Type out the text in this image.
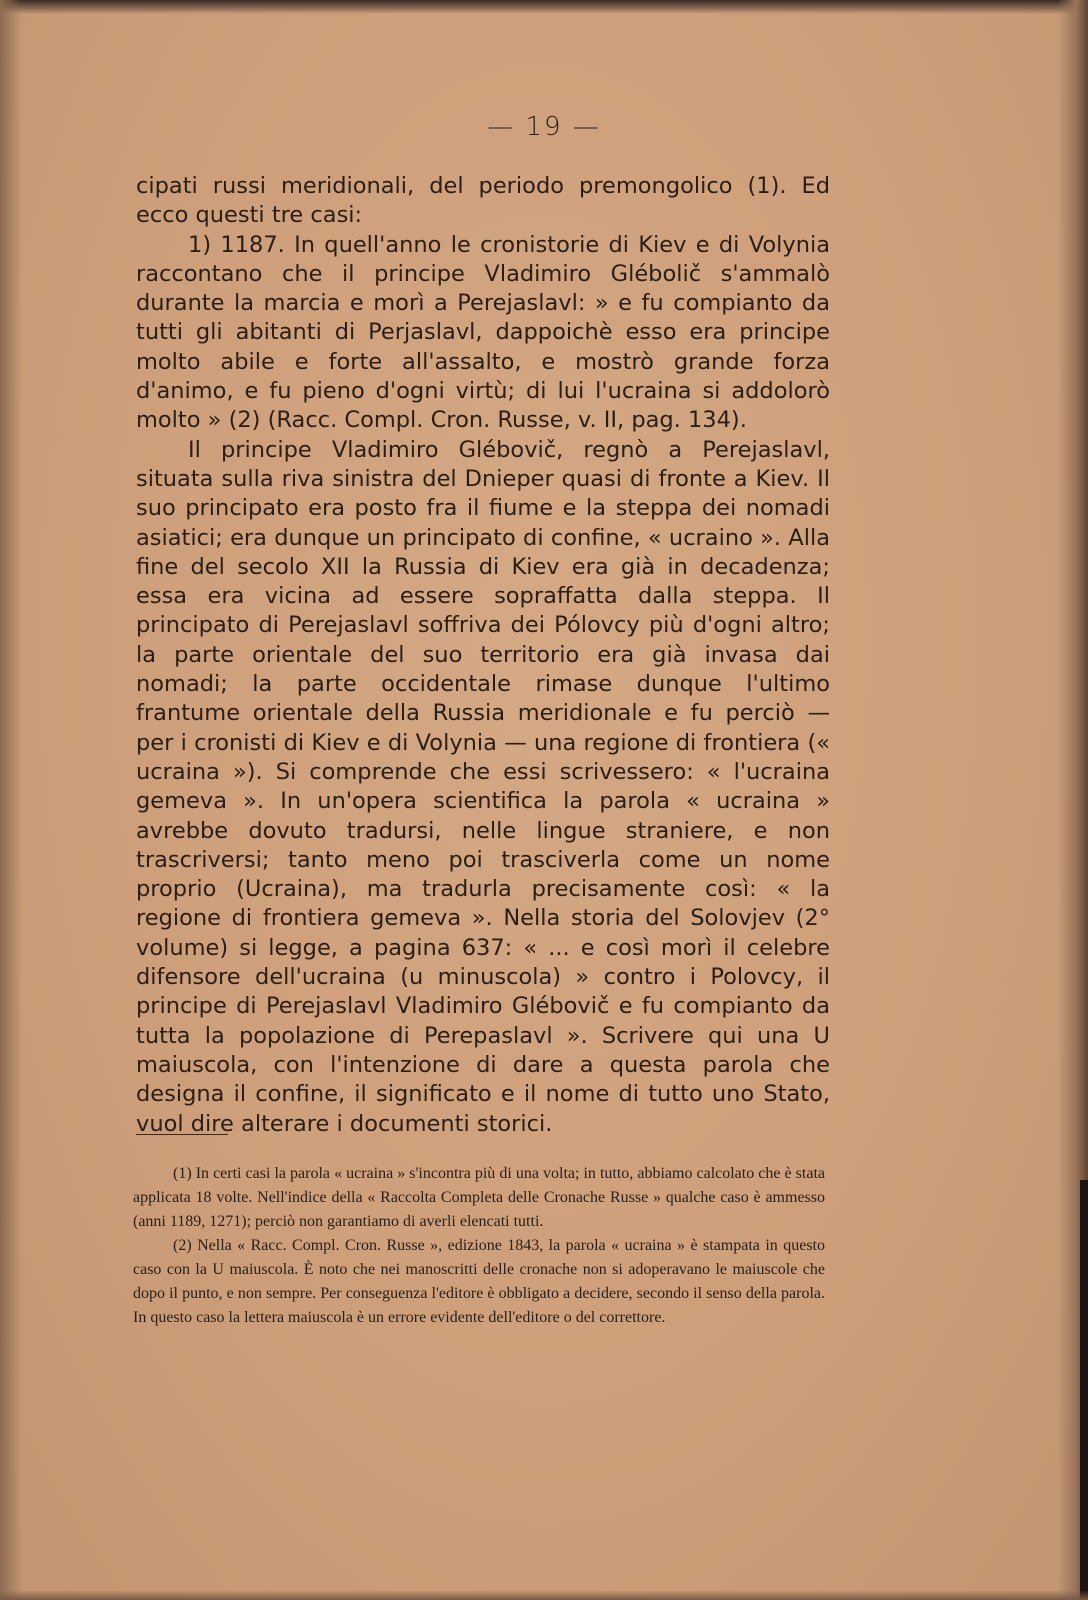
— 19 —

cipati russi meridionali, del periodo premongolico (1). Ed ecco questi tre casi:

1) 1187. In quell'anno le cronistorie di Kiev e di Volynia raccontano che il principe Vladimiro Glébolič s'ammalò durante la marcia e morì a Perejaslavl: » e fu compianto da tutti gli abitanti di Perjaslavl, dappoichè esso era principe molto abile e forte all'assalto, e mostrò grande forza d'animo, e fu pieno d'ogni virtù; di lui l'ucraina si addolorò molto » (2) (Racc. Compl. Cron. Russe, v. II, pag. 134).

Il principe Vladimiro Glébovič, regnò a Perejaslavl, situata sulla riva sinistra del Dnieper quasi di fronte a Kiev. Il suo principato era posto fra il fiume e la steppa dei nomadi asiatici; era dunque un principato di confine, « ucraino ». Alla fine del secolo XII la Russia di Kiev era già in decadenza; essa era vicina ad essere sopraffatta dalla steppa. Il principato di Perejaslavl soffriva dei Pólovcy più d'ogni altro; la parte orientale del suo territorio era già invasa dai nomadi; la parte occidentale rimase dunque l'ultimo frantume orientale della Russia meridionale e fu perciò — per i cronisti di Kiev e di Volynia — una regione di frontiera (« ucraina »). Si comprende che essi scrivessero: « l'ucraina gemeva ». In un'opera scientifica la parola « ucraina » avrebbe dovuto tradursi, nelle lingue straniere, e non trascriversi; tanto meno poi trasciverla come un nome proprio (Ucraina), ma tradurla precisamente così: « la regione di frontiera gemeva ». Nella storia del Solovjev (2° volume) si legge, a pagina 637: « ... e così morì il celebre difensore dell'ucraina (u minuscola) » contro i Polovcy, il principe di Perejaslavl Vladimiro Glébovič e fu compianto da tutta la popolazione di Perepaslavl ». Scrivere qui una U maiuscola, con l'intenzione di dare a questa parola che designa il confine, il significato e il nome di tutto uno Stato, vuol dire alterare i documenti storici.

(1) In certi casi la parola « ucraina » s'incontra più di una volta; in tutto, abbiamo calcolato che è stata applicata 18 volte. Nell'indice della « Raccolta Completa delle Cronache Russe » qualche caso è ammesso (anni 1189, 1271); perciò non garantiamo di averli elencati tutti.

(2) Nella « Racc. Compl. Cron. Russe », edizione 1843, la parola « ucraina » è stampata in questo caso con la U maiuscola. È noto che nei manoscritti delle cronache non si adoperavano le maiuscole che dopo il punto, e non sempre. Per conseguenza l'editore è obbligato a decidere, secondo il senso della parola. In questo caso la lettera maiuscola è un errore evidente dell'editore o del correttore.
